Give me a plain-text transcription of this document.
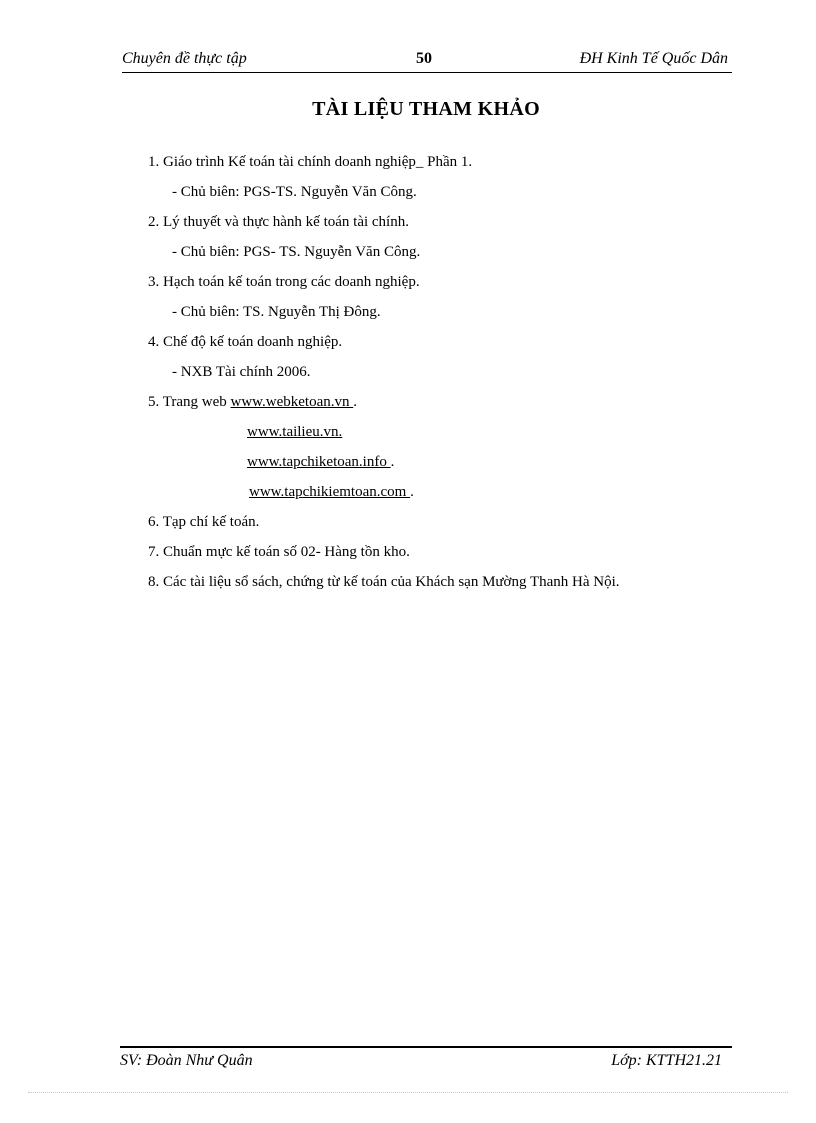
Chuyên đề thực tập	50	ĐH Kinh Tế Quốc Dân
TÀI LIỆU THAM KHẢO
1. Giáo trình Kế toán tài chính doanh nghiệp_ Phần 1.
- Chủ biên: PGS-TS. Nguyễn Văn Công.
2. Lý thuyết và thực hành kế toán tài chính.
- Chủ biên: PGS- TS. Nguyễn Văn Công.
3. Hạch toán kế toán trong các doanh nghiệp.
- Chủ biên: TS. Nguyễn Thị Đông.
4. Chế độ kế toán doanh nghiệp.
- NXB Tài chính 2006.
5. Trang web www.webketoan.vn .
www.tailieu.vn.
www.tapchiketoan.info .
www.tapchikiemtoan.com .
6. Tạp chí kế toán.
7. Chuẩn mực kế toán số 02- Hàng tồn kho.
8. Các tài liệu sổ sách, chứng từ kế toán của Khách sạn Mường Thanh Hà Nội.
SV: Đoàn Như Quân	Lớp: KTTH21.21
